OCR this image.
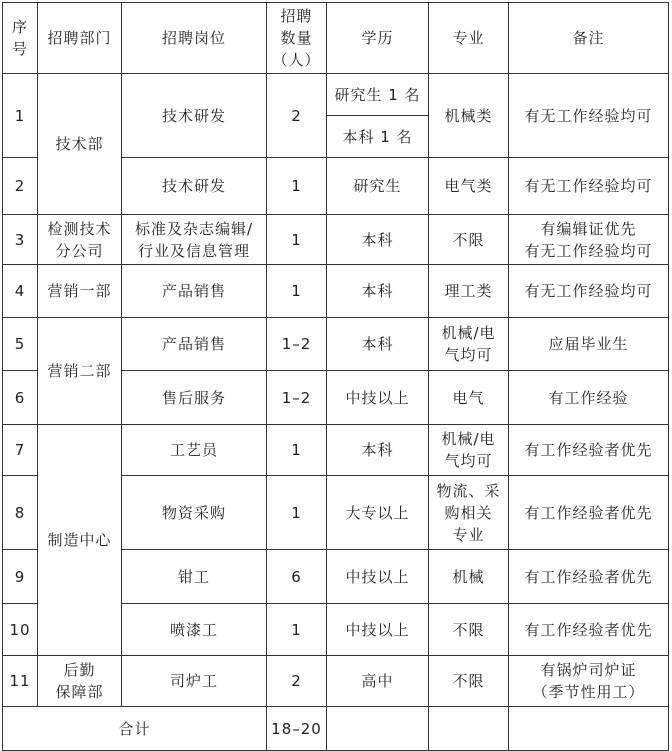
序
号	招聘部门	招聘岗位	招聘
数量
（人）	学历	专业	备注
1	技术部	技术研发	2	研究生 1 名	机械类	有无工作经验均可
				本科 1 名		
2		技术研发	1	研究生	电气类	有无工作经验均可
3	检测技术
分公司	标准及杂志编辑/
行业及信息管理	1	本科	不限	有编辑证优先
有无工作经验均可

4	营销一部	产品销售	1	本科	理工类	有无工作经验均可
5	营销二部	产品销售	1–2	本科	机械/电
气均可	应届毕业生
6		售后服务	1–2	中技以上	电气	有工作经验
7	制造中心	工艺员	1	本科	机械/电
气均可	有工作经验者优先
8		物资采购	1	大专以上	物流、采
购相关
专业	有工作经验者优先
9		钳工	6	中技以上	机械	有工作经验者优先
10		喷漆工	1	中技以上	不限	有工作经验者优先
11	后勤
保障部	司炉工	2	高中	不限	有锅炉司炉证
（季节性用工）

合计			18–20			
